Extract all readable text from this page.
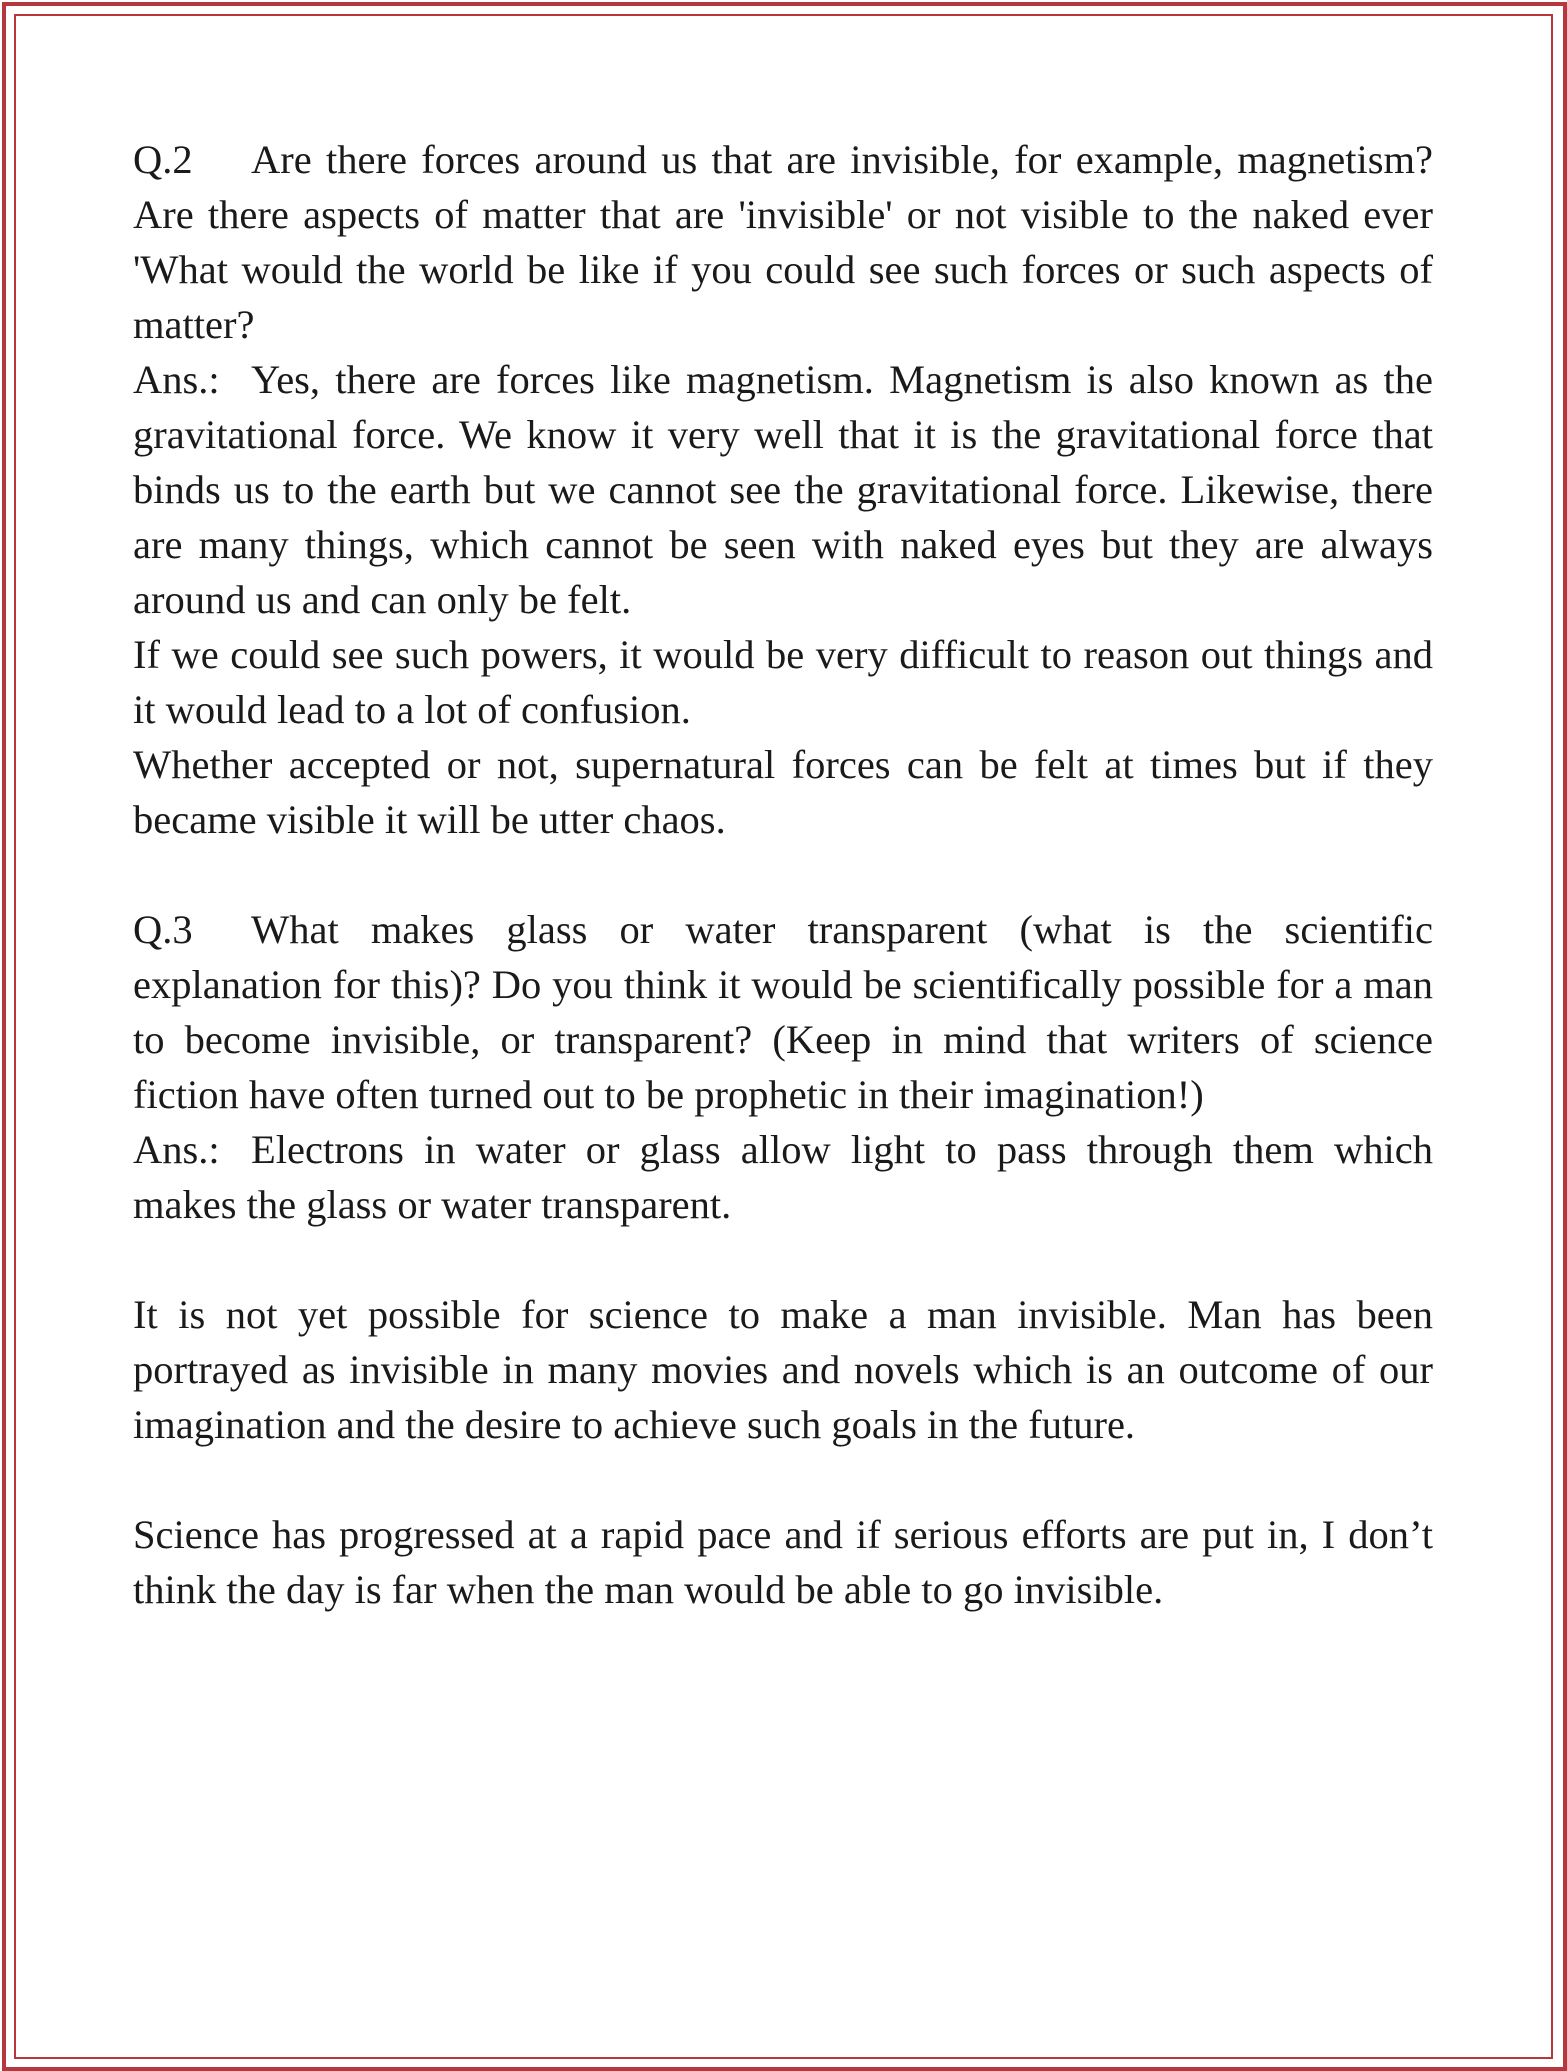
Q.2 Are there forces around us that are invisible, for example, magnetism? Are there aspects of matter that are 'invisible' or not visible to the naked ever 'What would the world be like if you could see such forces or such aspects of matter?

Ans.: Yes, there are forces like magnetism. Magnetism is also known as the gravitational force. We know it very well that it is the gravitational force that binds us to the earth but we cannot see the gravitational force. Likewise, there are many things, which cannot be seen with naked eyes but they are always around us and can only be felt.

If we could see such powers, it would be very difficult to reason out things and it would lead to a lot of confusion.

Whether accepted or not, supernatural forces can be felt at times but if they became visible it will be utter chaos.

Q.3 What makes glass or water transparent (what is the scientific explanation for this)? Do you think it would be scientifically possible for a man to become invisible, or transparent? (Keep in mind that writers of science fiction have often turned out to be prophetic in their imagination!)

Ans.: Electrons in water or glass allow light to pass through them which makes the glass or water transparent.

It is not yet possible for science to make a man invisible. Man has been portrayed as invisible in many movies and novels which is an outcome of our imagination and the desire to achieve such goals in the future.

Science has progressed at a rapid pace and if serious efforts are put in, I don’t think the day is far when the man would be able to go invisible.
